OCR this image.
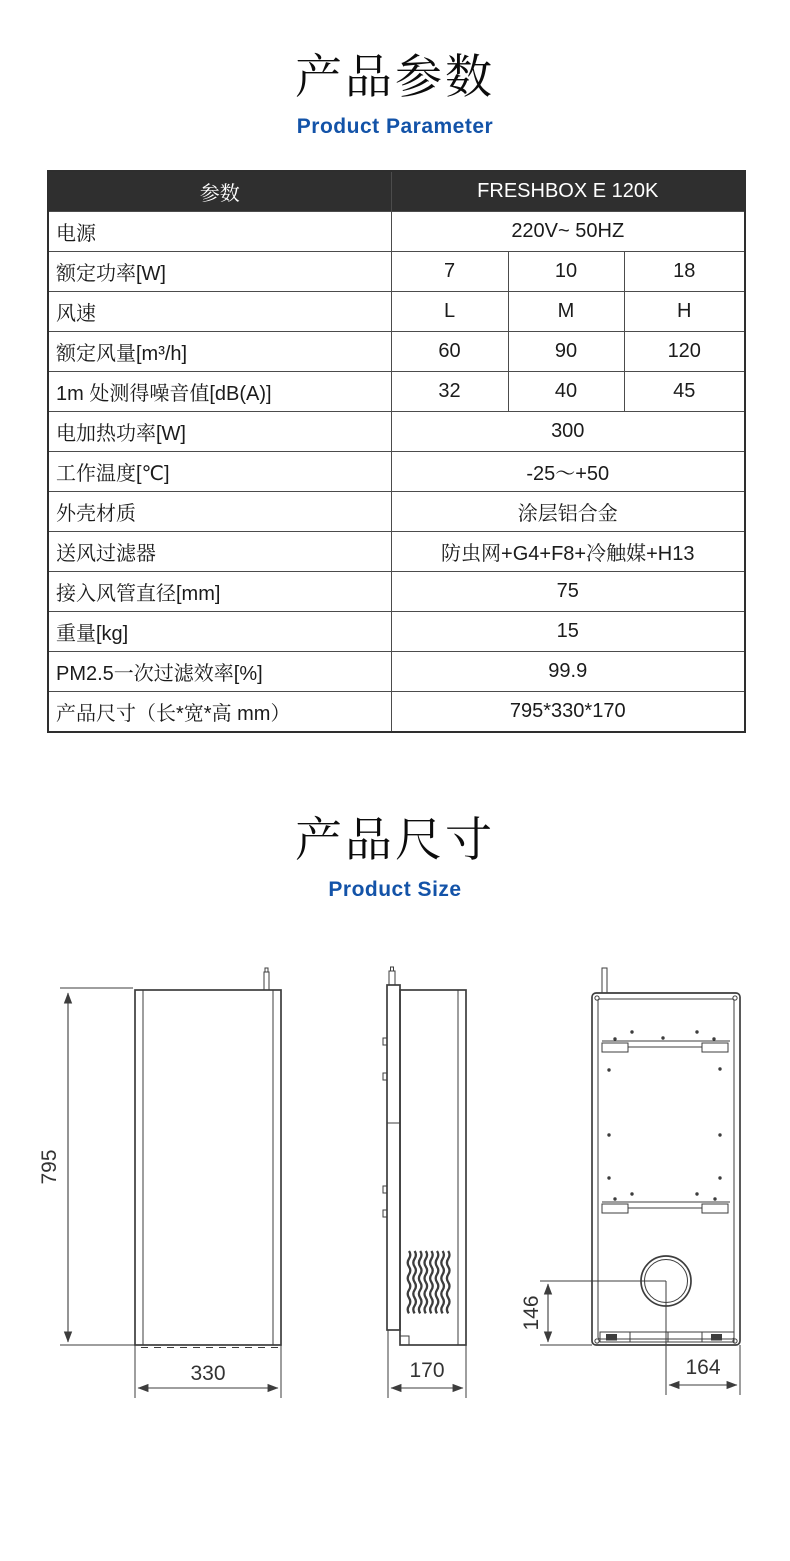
产品参数
Product Parameter
参数	FRESHBOX E 120K		
电源	220V~ 50HZ		
额定功率[W]	7	10	18
风速	L	M	H
额定风量[m³/h]	60	90	120
1m 处测得噪音值[dB(A)]	32	40	45
电加热功率[W]	300		
工作温度[℃]	-25～+50		
外壳材质	涂层铝合金		
送风过滤器	防虫网+G4+F8+冷触媒+H13		
接入风管直径[mm]	75		
重量[kg]	15		
PM2.5一次过滤效率[%]	99.9		
产品尺寸（长*宽*高 mm）	795*330*170		
产品尺寸
Product Size
795
330	170
146
164
